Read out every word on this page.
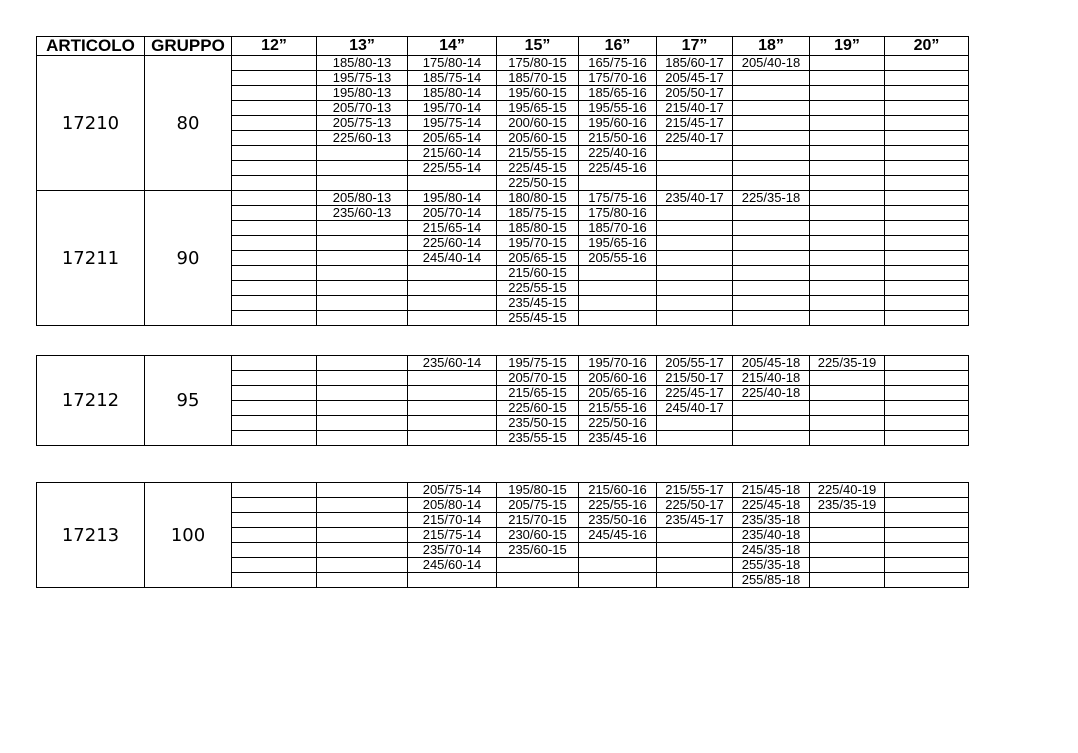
ARTICOLO	GRUPPO	12”	13”	14”	15”	16”	17”	18”	19”	20”
17210	80		185/80-13	175/80-14	175/80-15	165/75-16	185/60-17	205/40-18		
			195/75-13	185/75-14	185/70-15	175/70-16	205/45-17			
			195/80-13	185/80-14	195/60-15	185/65-16	205/50-17			
			205/70-13	195/70-14	195/65-15	195/55-16	215/40-17			
			205/75-13	195/75-14	200/60-15	195/60-16	215/45-17			
			225/60-13	205/65-14	205/60-15	215/50-16	225/40-17			
				215/60-14	215/55-15	225/40-16				
				225/55-14	225/45-15	225/45-16				
					225/50-15					
17211	90		205/80-13	195/80-14	180/80-15	175/75-16	235/40-17	225/35-18		
			235/60-13	205/70-14	185/75-15	175/80-16				
				215/65-14	185/80-15	185/70-16				
				225/60-14	195/70-15	195/65-16				
				245/40-14	205/65-15	205/55-16				
					215/60-15					
					225/55-15					
					235/45-15					
					255/45-15					
17212	95			235/60-14	195/75-15	195/70-16	205/55-17	205/45-18	225/35-19	
					205/70-15	205/60-16	215/50-17	215/40-18		
					215/65-15	205/65-16	225/45-17	225/40-18		
					225/60-15	215/55-16	245/40-17			
					235/50-15	225/50-16				
					235/55-15	235/45-16				
17213	100			205/75-14	195/80-15	215/60-16	215/55-17	215/45-18	225/40-19	
				205/80-14	205/75-15	225/55-16	225/50-17	225/45-18	235/35-19	
				215/70-14	215/70-15	235/50-16	235/45-17	235/35-18		
				215/75-14	230/60-15	245/45-16		235/40-18		
				235/70-14	235/60-15			245/35-18		
				245/60-14				255/35-18		
								255/85-18		
